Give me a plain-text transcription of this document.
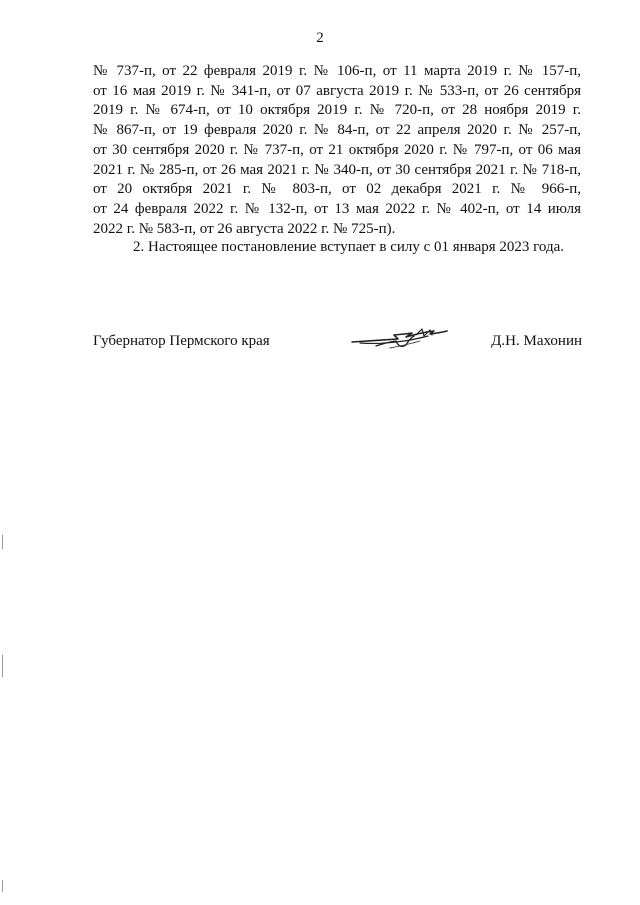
2
№ 737-п, от 22 февраля 2019 г. № 106-п, от 11 марта 2019 г. № 157-п,
от 16 мая 2019 г. № 341-п, от 07 августа 2019 г. № 533-п, от 26 сентября
2019 г. № 674-п, от 10 октября 2019 г. № 720-п, от 28 ноября 2019 г.
№ 867-п, от 19 февраля 2020 г. № 84-п, от 22 апреля 2020 г. № 257-п,
от 30 сентября 2020 г. № 737-п, от 21 октября 2020 г. № 797-п, от 06 мая
2021 г. № 285-п, от 26 мая 2021 г. № 340-п, от 30 сентября 2021 г. № 718-п,
от 20 октября 2021 г. № 803-п, от 02 декабря 2021 г. № 966-п,
от 24 февраля 2022 г. № 132-п, от 13 мая 2022 г. № 402-п, от 14 июля
2022 г. № 583-п, от 26 августа 2022 г. № 725-п).
2. Настоящее постановление вступает в силу с 01 января 2023 года.
Губернатор Пермского края	Д.Н. Махонин
